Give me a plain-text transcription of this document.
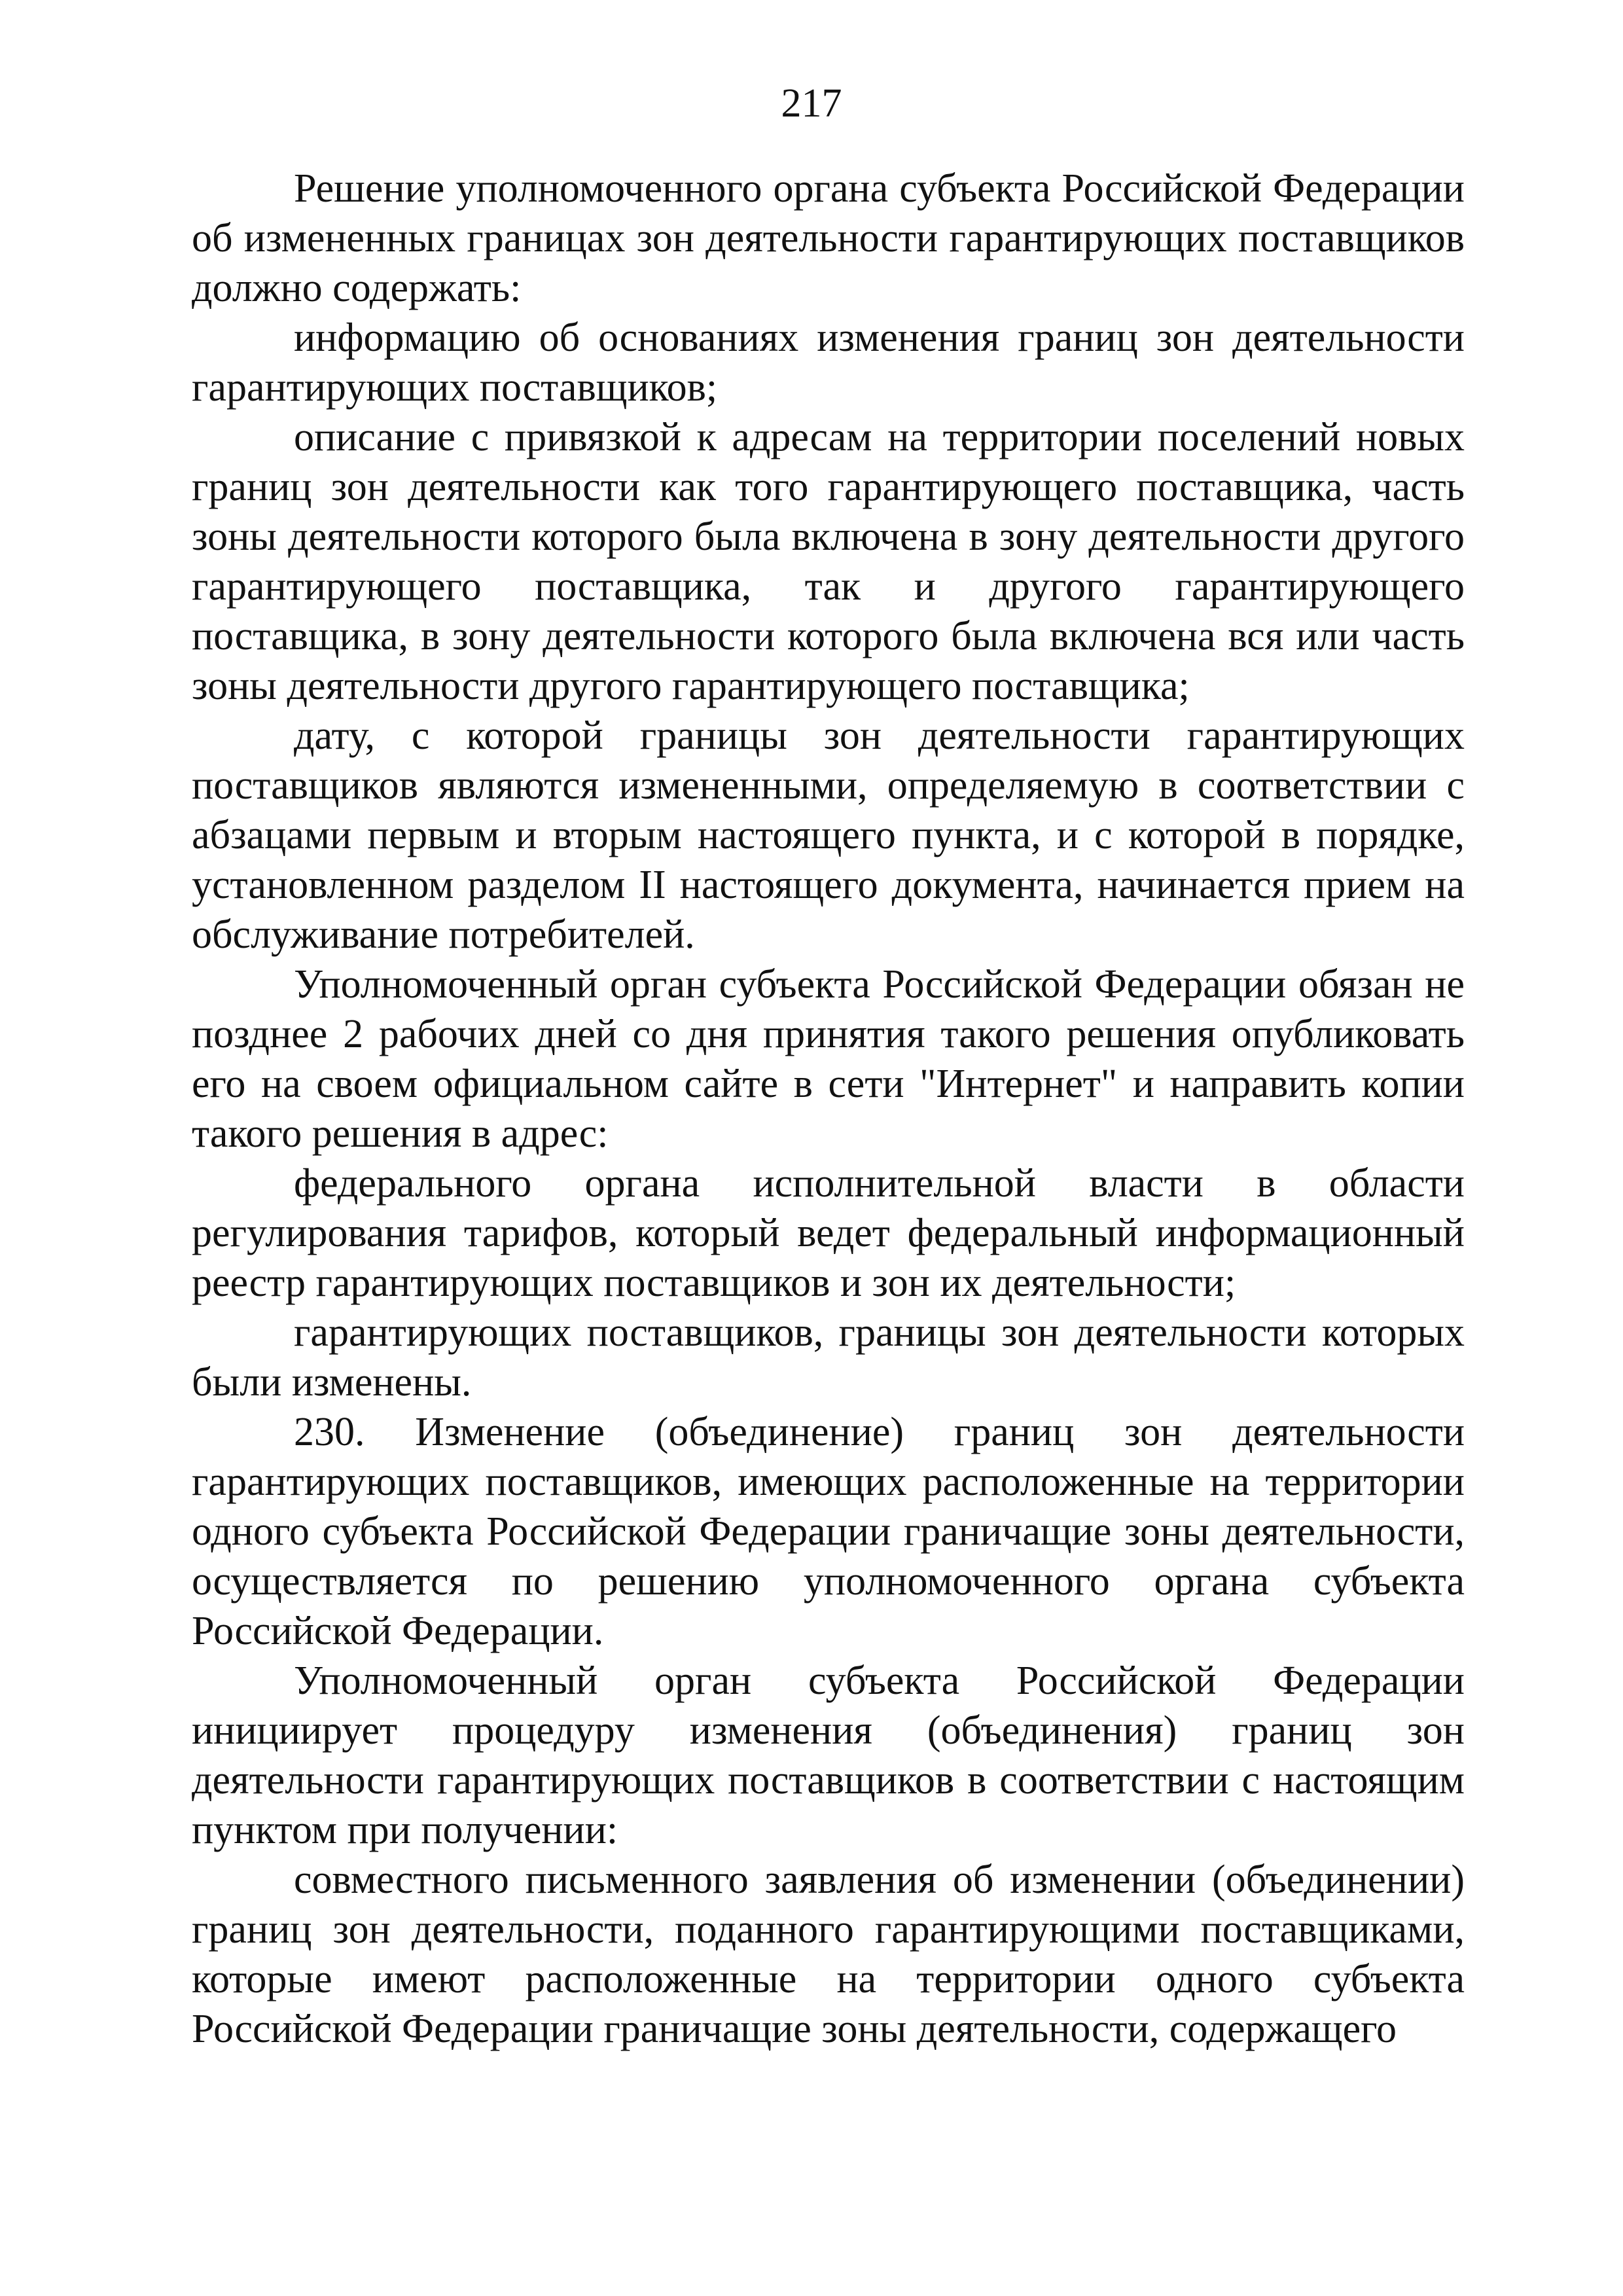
217

Решение уполномоченного органа субъекта Российской Федерации об измененных границах зон деятельности гарантирующих поставщиков должно содержать:

информацию об основаниях изменения границ зон деятельности гарантирующих поставщиков;

описание с привязкой к адресам на территории поселений новых границ зон деятельности как того гарантирующего поставщика, часть зоны деятельности которого была включена в зону деятельности другого гарантирующего поставщика, так и другого гарантирующего поставщика, в зону деятельности которого была включена вся или часть зоны деятельности другого гарантирующего поставщика;

дату, с которой границы зон деятельности гарантирующих поставщиков являются измененными, определяемую в соответствии с абзацами первым и вторым настоящего пункта, и с которой в порядке, установленном разделом II настоящего документа, начинается прием на обслуживание потребителей.

Уполномоченный орган субъекта Российской Федерации обязан не позднее 2 рабочих дней со дня принятия такого решения опубликовать его на своем официальном сайте в сети "Интернет" и направить копии такого решения в адрес:

федерального органа исполнительной власти в области регулирования тарифов, который ведет федеральный информационный реестр гарантирующих поставщиков и зон их деятельности;

гарантирующих поставщиков, границы зон деятельности которых были изменены.

230. Изменение (объединение) границ зон деятельности гарантирующих поставщиков, имеющих расположенные на территории одного субъекта Российской Федерации граничащие зоны деятельности, осуществляется по решению уполномоченного органа субъекта Российской Федерации.

Уполномоченный орган субъекта Российской Федерации инициирует процедуру изменения (объединения) границ зон деятельности гарантирующих поставщиков в соответствии с настоящим пунктом при получении:

совместного письменного заявления об изменении (объединении) границ зон деятельности, поданного гарантирующими поставщиками, которые имеют расположенные на территории одного субъекта Российской Федерации граничащие зоны деятельности, содержащего
